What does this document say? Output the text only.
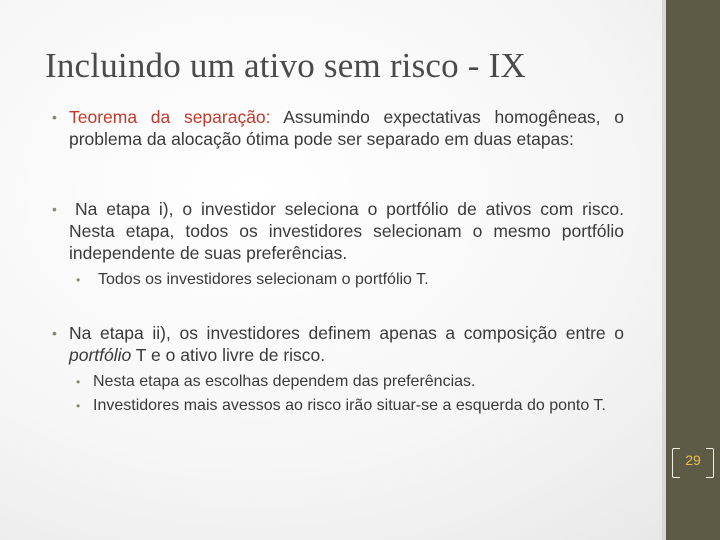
Incluindo um ativo sem risco - IX
• Teorema da separação: Assumindo expectativas homogêneas, o problema da alocação ótima pode ser separado em duas etapas:
• Na etapa i), o investidor seleciona o portfólio de ativos com risco. Nesta etapa, todos os investidores selecionam o mesmo portfólio independente de suas preferências.
• Todos os investidores selecionam o portfólio T.
• Na etapa ii), os investidores definem apenas a composição entre o portfólio T e o ativo livre de risco.
• Nesta etapa as escolhas dependem das preferências.
• Investidores mais avessos ao risco irão situar-se a esquerda do ponto T.
29
